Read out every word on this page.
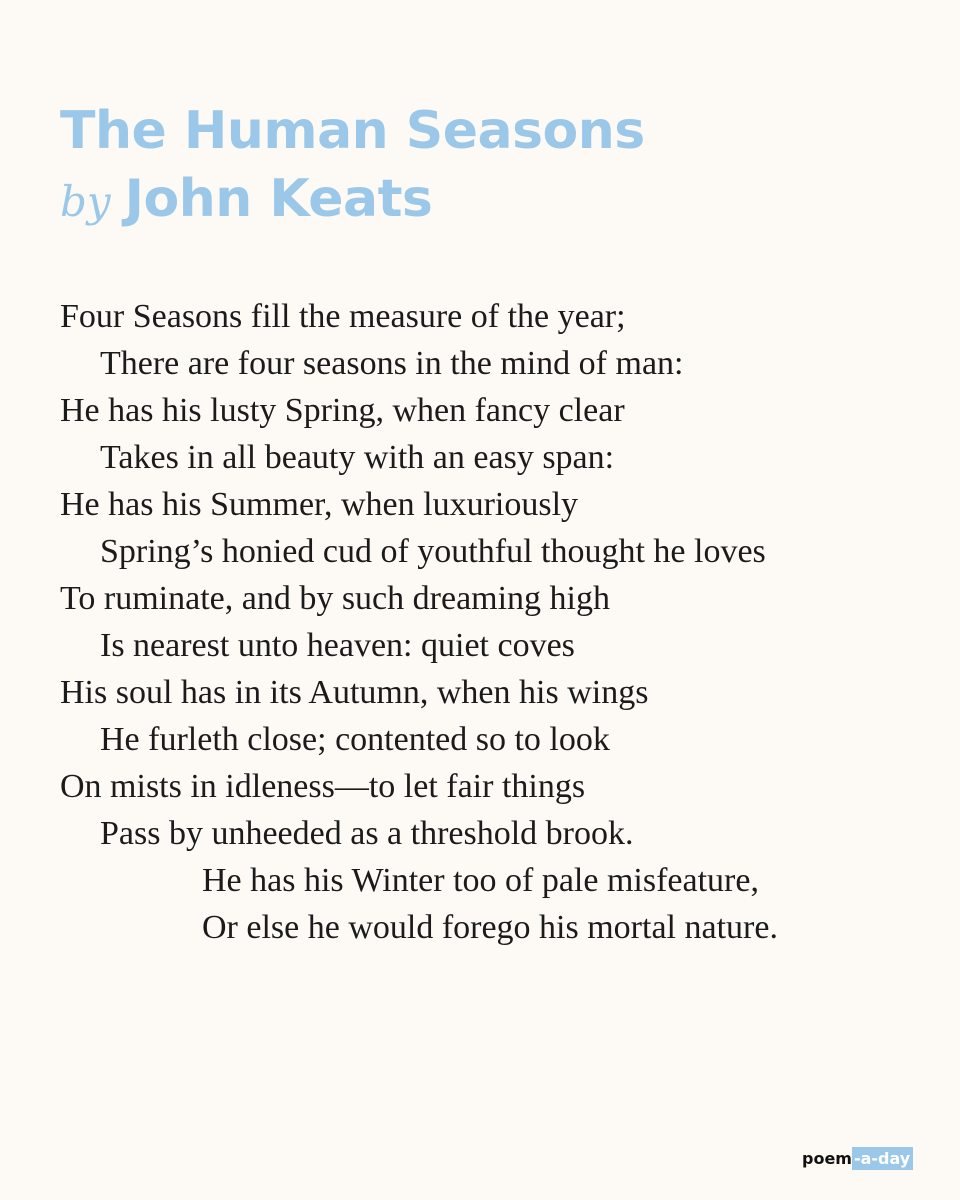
The Human Seasons
by John Keats
Four Seasons fill the measure of the year;
There are four seasons in the mind of man:
He has his lusty Spring, when fancy clear
Takes in all beauty with an easy span:
He has his Summer, when luxuriously
Spring’s honied cud of youthful thought he loves
To ruminate, and by such dreaming high
Is nearest unto heaven: quiet coves
His soul has in its Autumn, when his wings
He furleth close; contented so to look
On mists in idleness—to let fair things
Pass by unheeded as a threshold brook.
He has his Winter too of pale misfeature,
Or else he would forego his mortal nature.
poem -a-day
